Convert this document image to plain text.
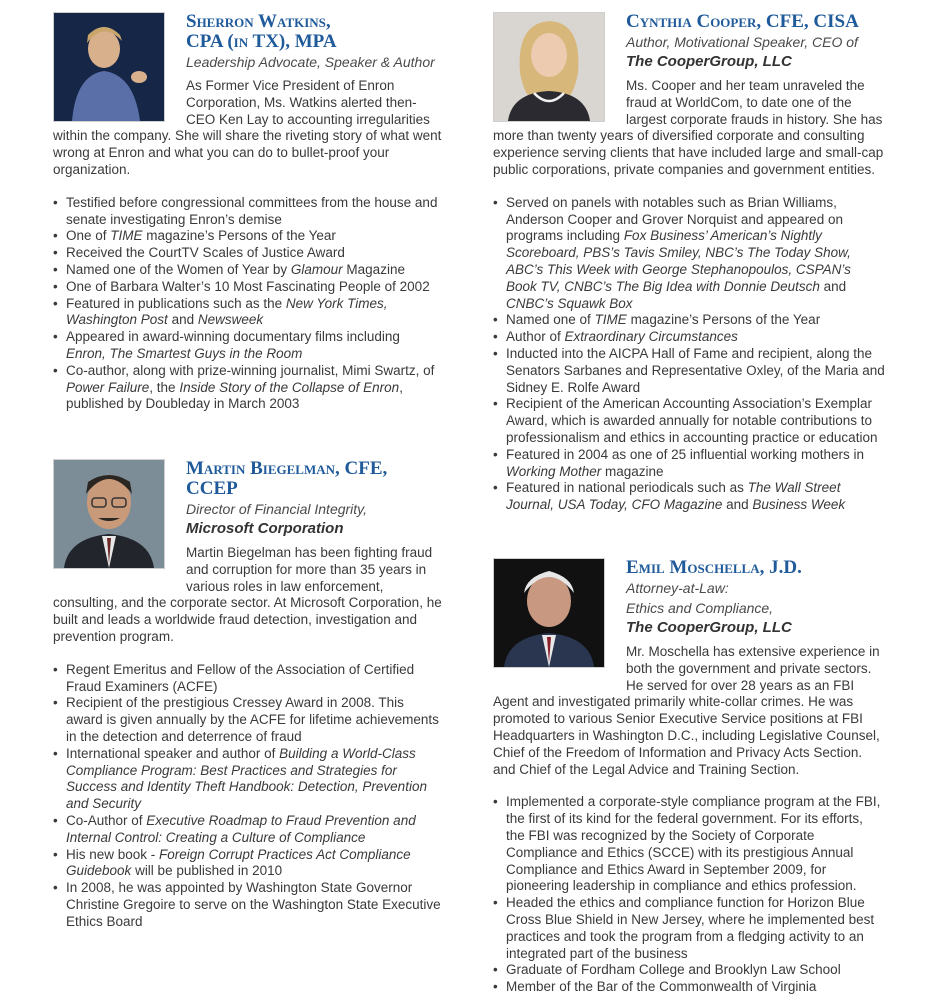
Sherron Watkins,

CPA (in TX), MPA

Leadership Advocate, Speaker & Author

As Former Vice President of Enron Corporation, Ms. Watkins alerted then-CEO Ken Lay to accounting irregularities within the company. She will share the riveting story of what went wrong at Enron and what you can do to bullet-proof your organization.
• Testified before congressional committees from the house and senate investigating Enron’s demise
• One of TIME magazine’s Persons of the Year
• Received the CourtTV Scales of Justice Award
• Named one of the Women of Year by Glamour Magazine
• One of Barbara Walter’s 10 Most Fascinating People of 2002
• Featured in publications such as the New York Times, Washington Post and Newsweek
• Appeared in award-winning documentary films including Enron, The Smartest Guys in the Room
• Co-author, along with prize-winning journalist, Mimi Swartz, of Power Failure, the Inside Story of the Collapse of Enron, published by Doubleday in March 2003

Martin Biegelman, CFE,

CCEP

Director of Financial Integrity,

Microsoft Corporation

Martin Biegelman has been fighting fraud and corruption for more than 35 years in various roles in law enforcement, consulting, and the corporate sector. At Microsoft Corporation, he built and leads a worldwide fraud detection, investigation and prevention program.
• Regent Emeritus and Fellow of the Association of Certified Fraud Examiners (ACFE)
• Recipient of the prestigious Cressey Award in 2008. This award is given annually by the ACFE for lifetime achievements in the detection and deterrence of fraud
• International speaker and author of Building a World-Class Compliance Program: Best Practices and Strategies for Success and Identity Theft Handbook: Detection, Prevention and Security
• Co-Author of Executive Roadmap to Fraud Prevention and Internal Control: Creating a Culture of Compliance
• His new book - Foreign Corrupt Practices Act Compliance Guidebook will be published in 2010
• In 2008, he was appointed by Washington State Governor Christine Gregoire to serve on the Washington State Executive Ethics Board

Cynthia Cooper, CFE, CISA

Author, Motivational Speaker, CEO of

The CooperGroup, LLC

Ms. Cooper and her team unraveled the fraud at WorldCom, to date one of the largest corporate frauds in history. She has more than twenty years of diversified corporate and consulting experience serving clients that have included large and small-cap public corporations, private companies and government entities.
• Served on panels with notables such as Brian Williams, Anderson Cooper and Grover Norquist and appeared on programs including Fox Business’ American’s Nightly Scoreboard, PBS’s Tavis Smiley, NBC’s The Today Show, ABC’s This Week with George Stephanopoulos, CSPAN’s Book TV, CNBC’s The Big Idea with Donnie Deutsch and CNBC’s Squawk Box
• Named one of TIME magazine’s Persons of the Year
• Author of Extraordinary Circumstances
• Inducted into the AICPA Hall of Fame and recipient, along the Senators Sarbanes and Representative Oxley, of the Maria and Sidney E. Rolfe Award
• Recipient of the American Accounting Association’s Exemplar Award, which is awarded annually for notable contributions to professionalism and ethics in accounting practice or education
• Featured in 2004 as one of 25 influential working mothers in Working Mother magazine
• Featured in national periodicals such as The Wall Street Journal, USA Today, CFO Magazine and Business Week

Emil Moschella, J.D.

Attorney-at-Law:

Ethics and Compliance,

The CooperGroup, LLC

Mr. Moschella has extensive experience in both the government and private sectors. He served for over 28 years as an FBI Agent and investigated primarily white-collar crimes. He was promoted to various Senior Executive Service positions at FBI Headquarters in Washington D.C., including Legislative Counsel, Chief of the Freedom of Information and Privacy Acts Section. and Chief of the Legal Advice and Training Section.
• Implemented a corporate-style compliance program at the FBI, the first of its kind for the federal government. For its efforts, the FBI was recognized by the Society of Corporate Compliance and Ethics (SCCE) with its prestigious Annual Compliance and Ethics Award in September 2009, for pioneering leadership in compliance and ethics profession.
• Headed the ethics and compliance function for Horizon Blue Cross Blue Shield in New Jersey, where he implemented best practices and took the program from a fledging activity to an integrated part of the business
• Graduate of Fordham College and Brooklyn Law School
• Member of the Bar of the Commonwealth of Virginia
